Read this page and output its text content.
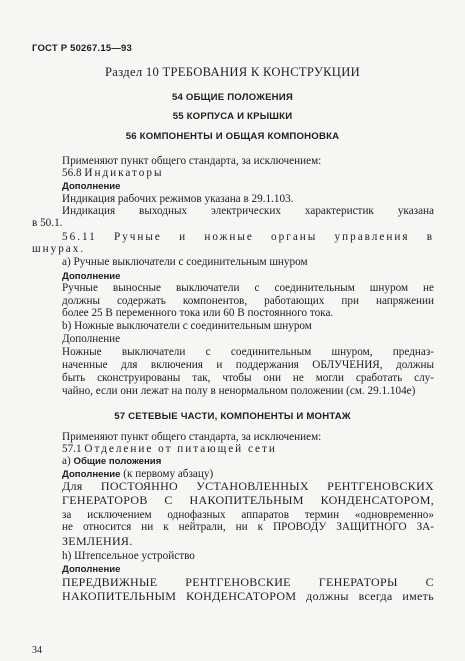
ГОСТ Р 50267.15—93
Раздел 10 ТРЕБОВАНИЯ К КОНСТРУКЦИИ
54 ОБЩИЕ ПОЛОЖЕНИЯ
55 КОРПУСА И КРЫШКИ
56 КОМПОНЕНТЫ И ОБЩАЯ КОМПОНОВКА
Применяют пункт общего стандарта, за исключением:
56.8 Индикаторы
Дополнение
Индикация рабочих режимов указана в 29.1.103.
Индикация выходных электрических характеристик указана
в 50.1.
56.11 Ручные и ножные органы управления в
шнурах.
а) Ручные выключатели с соединительным шнуром
Дополнение
Ручные выносные выключатели с соединительным шнуром не
должны содержать компонентов, работающих при напряжении
более 25 В переменного тока или 60 В постоянного тока.
b) Ножные выключатели с соединительным шнуром
Дополнение
Ножные выключатели с соединительным шнуром, предназ-
наченные для включения и поддержания ОБЛУЧЕНИЯ, должны
быть сконструированы так, чтобы они не могли сработать слу-
чайно, если они лежат на полу в ненормальном положении (см. 29.1.104е)
57 СЕТЕВЫЕ ЧАСТИ, КОМПОНЕНТЫ И МОНТАЖ
Применяют пункт общего стандарта, за исключением:
57.1 Отделение от питающей сети
а) Общие положения
Дополнение (к первому абзацу)
Для ПОСТОЯННО УСТАНОВЛЕННЫХ РЕНТГЕНОВСКИХ
ГЕНЕРАТОРОВ С НАКОПИТЕЛЬНЫМ КОНДЕНСАТОРОМ,
за исключением однофазных аппаратов термин «одновременно»
не относится ни к нейтрали, ни к ПРОВОДУ ЗАЩИТНОГО ЗА-
ЗЕМЛЕНИЯ.
h) Штепсельное устройство
Дополнение
ПЕРЕДВИЖНЫЕ РЕНТГЕНОВСКИЕ ГЕНЕРАТОРЫ С
НАКОПИТЕЛЬНЫМ КОНДЕНСАТОРОМ должны всегда иметь
34
